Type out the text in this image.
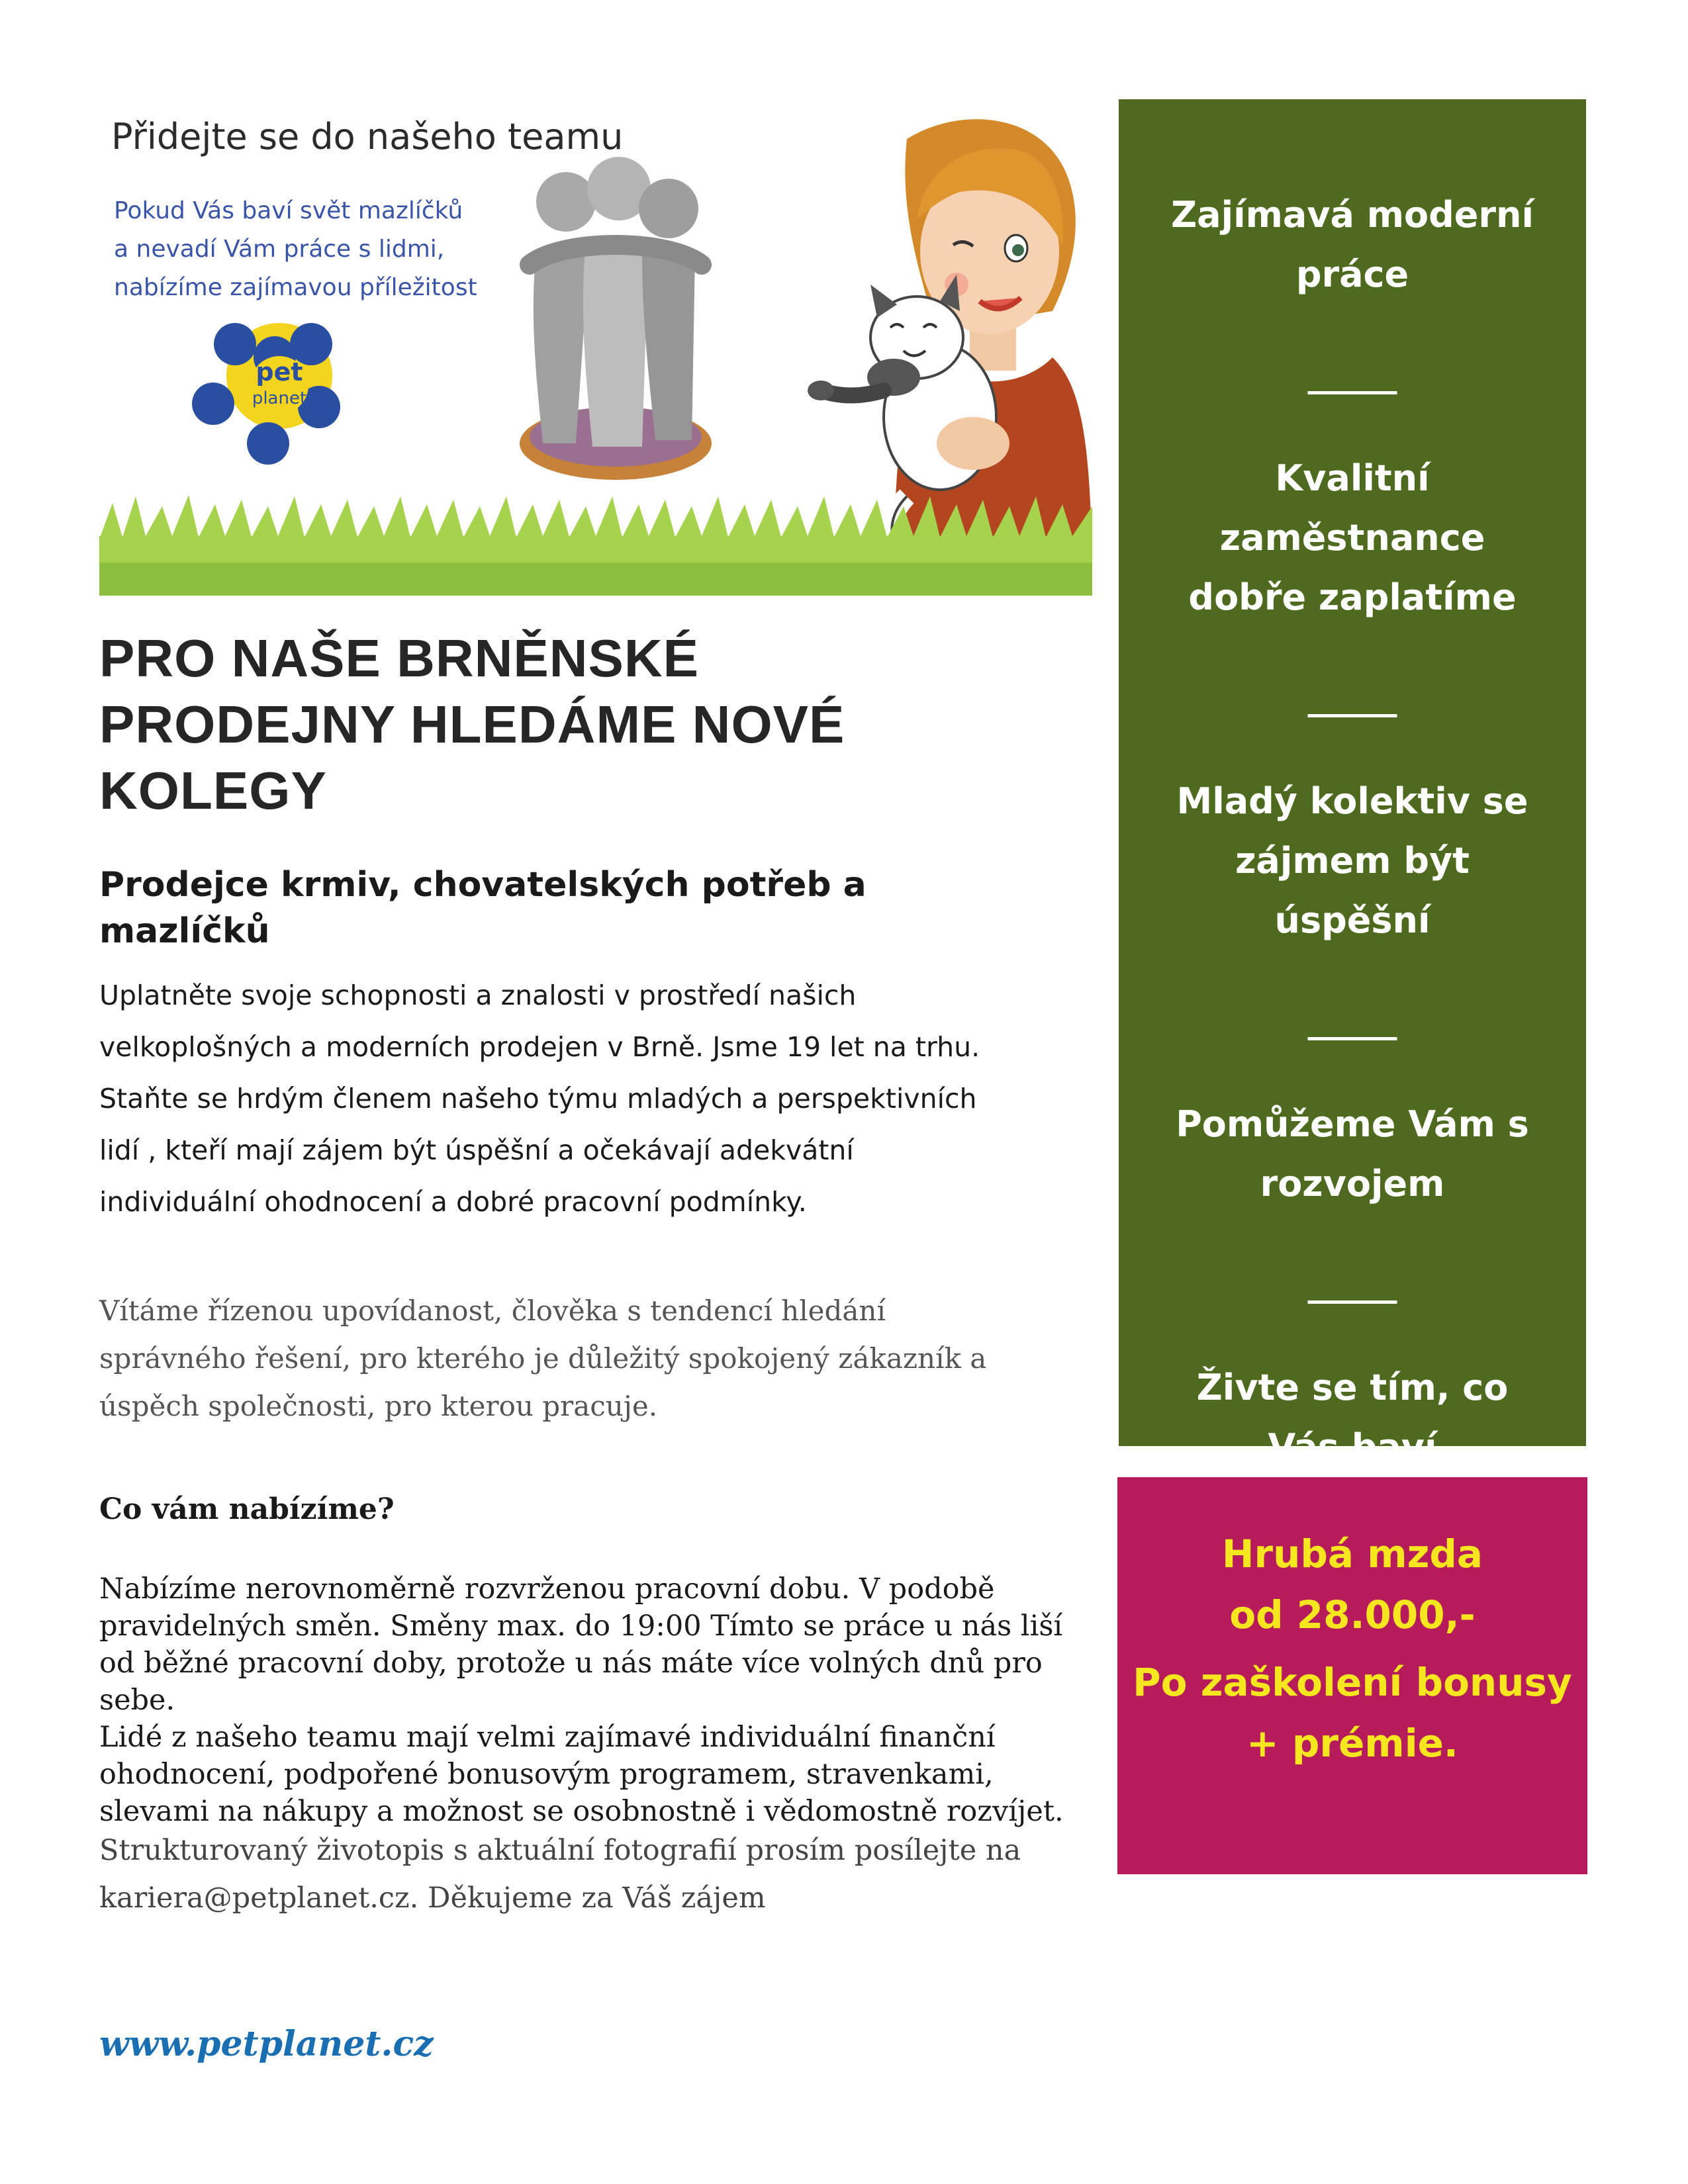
pet
planet
Přidejte se do našeho teamu
Pokud Vás baví svět mazlíčků
a nevadí Vám práce s lidmi,
nabízíme zajímavou příležitost
PRO NAŠE BRNĚNSKÉ
PRODEJNY HLEDÁME NOVÉ
KOLEGY
Prodejce krmiv, chovatelských potřeb a
mazlíčků
Uplatněte svoje schopnosti a znalosti v prostředí našich
velkoplošných a moderních prodejen v Brně. Jsme 19 let na trhu.
Staňte se hrdým členem našeho týmu mladých a perspektivních
lidí , kteří mají zájem být úspěšní a očekávají adekvátní
individuální ohodnocení a dobré pracovní podmínky.
Vítáme řízenou upovídanost, člověka s tendencí hledání
správného řešení, pro kterého je důležitý spokojený zákazník a
úspěch společnosti, pro kterou pracuje.
Co vám nabízíme?
Nabízíme nerovnoměrně rozvrženou pracovní dobu. V podobě
pravidelných směn. Směny max. do 19:00 Tímto se práce u nás liší
od běžné pracovní doby, protože u nás máte více volných dnů pro
sebe.
Lidé z našeho teamu mají velmi zajímavé individuální finanční
ohodnocení, podpořené bonusovým programem, stravenkami,
slevami na nákupy a možnost se osobnostně i vědomostně rozvíjet.
Strukturovaný životopis s aktuální fotografií prosím posílejte na
kariera@petplanet.cz. Děkujeme za Váš zájem
www.petplanet.cz
Zajímavá moderní
práce
_____
Kvalitní
zaměstnance
dobře zaplatíme
_____
Mladý kolektiv se
zájmem být
úspěšní
_____
Pomůžeme Vám s
rozvojem
_____
Živte se tím, co
Vás baví
Hrubá mzda
od 28.000,-
Po zaškolení bonusy
+ prémie.
